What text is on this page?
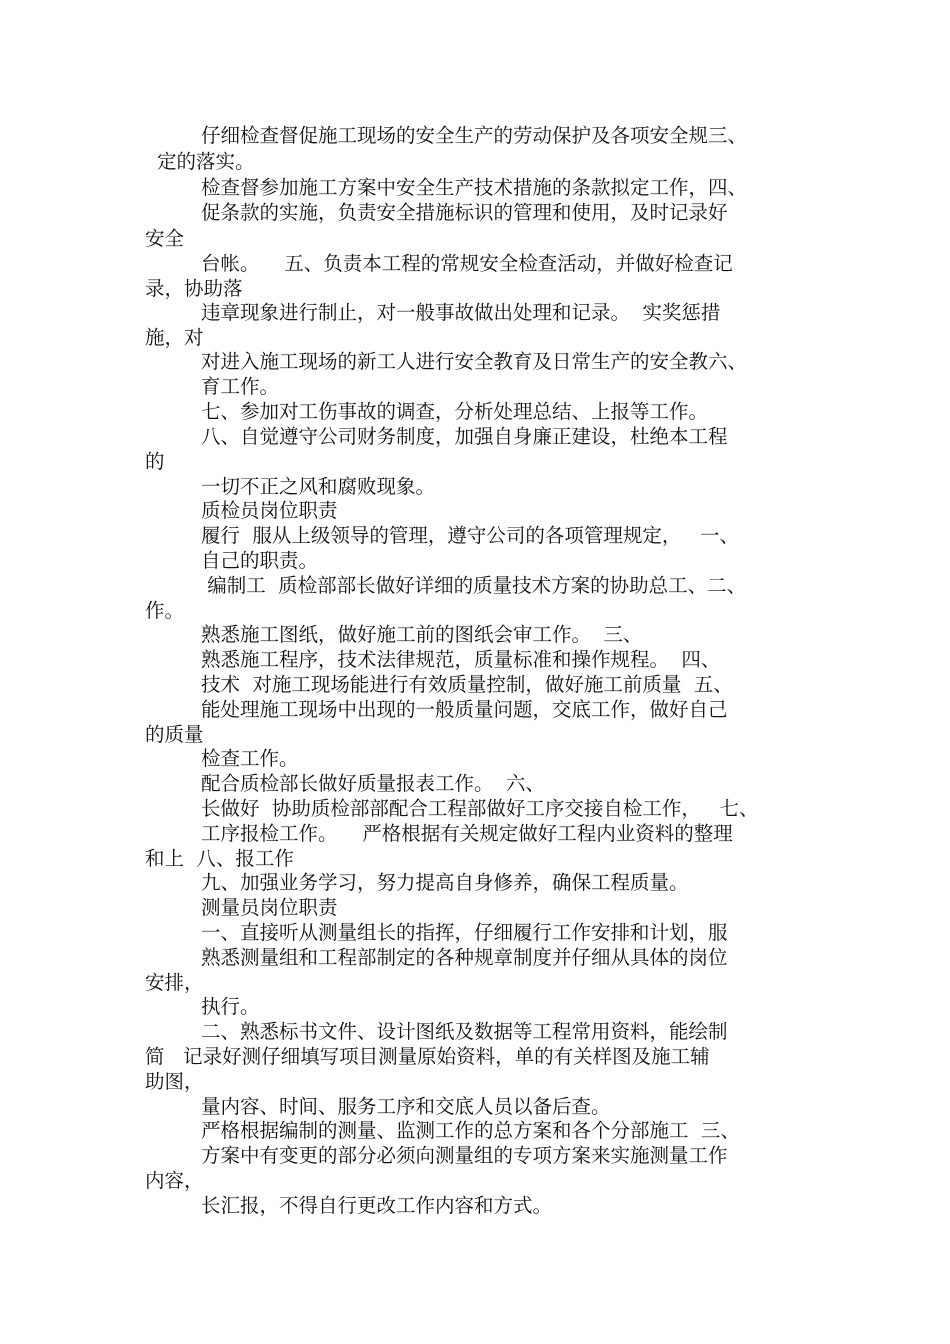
仔细检查督促施工现场的安全生产的劳动保护及各项安全规三、
定的落实。
检查督参加施工方案中安全生产技术措施的条款拟定工作，四、
促条款的实施，负责安全措施标识的管理和使用，及时记录好
安全
台帐。    五、负责本工程的常规安全检查活动，并做好检查记
录，协助落
违章现象进行制止，对一般事故做出处理和记录。  实奖惩措
施，对
对进入施工现场的新工人进行安全教育及日常生产的安全教六、
育工作。
七、参加对工伤事故的调查，分析处理总结、上报等工作。
八、自觉遵守公司财务制度，加强自身廉正建设，杜绝本工程
的
一切不正之风和腐败现象。
质检员岗位职责
履行  服从上级领导的管理，遵守公司的各项管理规定，   一、
自己的职责。
编制工  质检部部长做好详细的质量技术方案的协助总工、二、
作。
熟悉施工图纸，做好施工前的图纸会审工作。  三、
熟悉施工程序，技术法律规范，质量标准和操作规程。  四、
技术  对施工现场能进行有效质量控制，做好施工前质量  五、
能处理施工现场中出现的一般质量问题，交底工作，做好自己
的质量
检查工作。
配合质检部长做好质量报表工作。  六、
长做好  协助质检部部配合工程部做好工序交接自检工作，   七、
工序报检工作。    严格根据有关规定做好工程内业资料的整理
和上  八、报工作
九、加强业务学习，努力提高自身修养，确保工程质量。
测量员岗位职责
一、直接听从测量组长的指挥，仔细履行工作安排和计划，服
熟悉测量组和工程部制定的各种规章制度并仔细从具体的岗位
安排，
执行。
二、熟悉标书文件、设计图纸及数据等工程常用资料，能绘制
简   记录好测仔细填写项目测量原始资料，单的有关样图及施工辅
助图，
量内容、时间、服务工序和交底人员以备后查。
严格根据编制的测量、监测工作的总方案和各个分部施工  三、
方案中有变更的部分必须向测量组的专项方案来实施测量工作
内容，
长汇报，不得自行更改工作内容和方式。
